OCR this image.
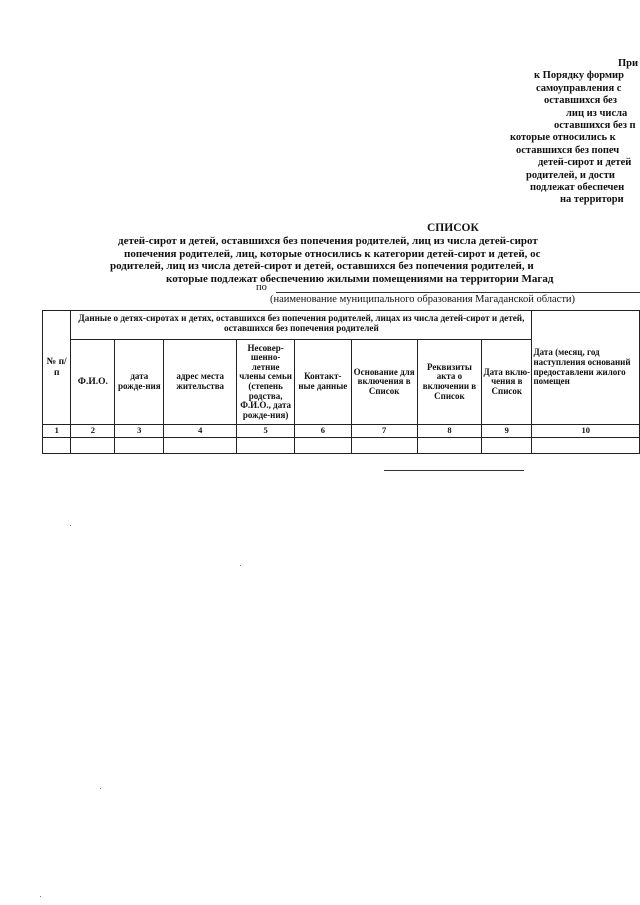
При
к Порядку формир
самоуправления с
оставшихся без
лиц из числа
оставшихся без п
которые относились к
оставшихся без попеч
детей-сирот и детей
родителей, и дости
подлежат обеспечен
на территори
СПИСОК
детей-сирот и детей, оставшихся без попечения родителей, лиц из числа детей-сирот
попечения родителей, лиц, которые относились к категории детей-сирот и детей, ос
родителей, лиц из числа детей-сирот и детей, оставшихся без попечения родителей, и
которые подлежат обеспечению жилыми помещениями на территории Магад
по
(наименование муниципального образования Магаданской области)
№ п/п	Данные о детях-сиротах и детях, оставшихся без попечения родителей, лицах из числа детей-сирот и детей, оставшихся без попечения родителей								Дата (месяц, год наступления оснований предоставлени жилого помещен
	Ф.И.О.	дата рожде-ния	адрес места жительства	Несовер-шенно-летние члены семьи (степень родства, Ф.И.О., дата рожде-ния)	Контакт-ные данные	Основание для включения в Список	Реквизиты акта о включении в Список	Дата вклю-чения в Список	
1	2	3	4	5	6	7	8	9	10
